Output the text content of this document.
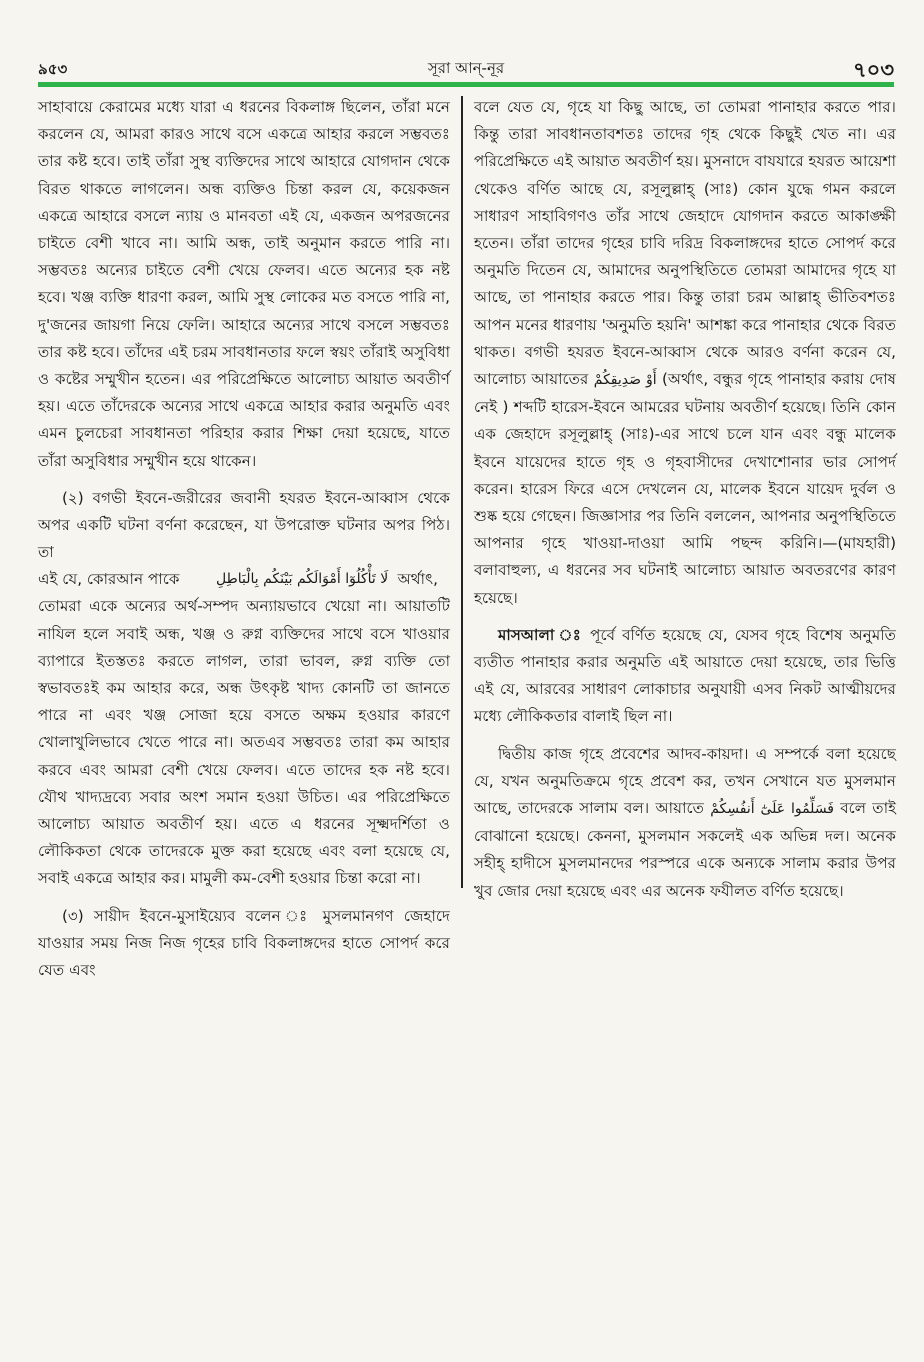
৯৫৩	সূরা আন্-নূর	৭০৩

সাহাবায়ে কেরামের মধ্যে যারা এ ধরনের বিকলাঙ্গ ছিলেন, তাঁরা মনে করলেন যে, আমরা কারও সাথে বসে একত্রে আহার করলে সম্ভবতঃ তার কষ্ট হবে। তাই তাঁরা সুস্থ ব্যক্তিদের সাথে আহারে যোগদান থেকে বিরত থাকতে লাগলেন। অন্ধ ব্যক্তিও চিন্তা করল যে, কয়েকজন একত্রে আহারে বসলে ন্যায় ও মানবতা এই যে, একজন অপরজনের চাইতে বেশী খাবে না। আমি অন্ধ, তাই অনুমান করতে পারি না। সম্ভবতঃ অন্যের চাইতে বেশী খেয়ে ফেলব। এতে অন্যের হক নষ্ট হবে। খঞ্জ ব্যক্তি ধারণা করল, আমি সুস্থ লোকের মত বসতে পারি না, দু'জনের জায়গা নিয়ে ফেলি। আহারে অন্যের সাথে বসলে সম্ভবতঃ তার কষ্ট হবে। তাঁদের এই চরম সাবধানতার ফলে স্বয়ং তাঁরাই অসুবিধা ও কষ্টের সম্মুখীন হতেন। এর পরিপ্রেক্ষিতে আলোচ্য আয়াত অবতীর্ণ হয়। এতে তাঁদেরকে অন্যের সাথে একত্রে আহার করার অনুমতি এবং এমন চুলচেরা সাবধানতা পরিহার করার শিক্ষা দেয়া হয়েছে, যাতে তাঁরা অসুবিধার সম্মুখীন হয়ে থাকেন।

(২) বগভী ইবনে-জরীরের জবানী হযরত ইবনে-আব্বাস থেকে অপর একটি ঘটনা বর্ণনা করেছেন, যা উপরোক্ত ঘটনার অপর পিঠ। তা

এই যে, কোরআন পাকে	لَا تَأْكُلُوٓا أَمْوَالَكُم بَيْنَكُم بِالْبَاطِلِ অর্থাৎ,

তোমরা একে অন্যের অর্থ-সম্পদ অন্যায়ভাবে খেয়ো না। আয়াতটি নাযিল হলে সবাই অন্ধ, খঞ্জ ও রুগ্ন ব্যক্তিদের সাথে বসে খাওয়ার ব্যাপারে ইতস্ততঃ করতে লাগল, তারা ভাবল, রুগ্ন ব্যক্তি তো স্বভাবতঃই কম আহার করে, অন্ধ উৎকৃষ্ট খাদ্য কোনটি তা জানতে পারে না এবং খঞ্জ সোজা হয়ে বসতে অক্ষম হওয়ার কারণে খোলাখুলিভাবে খেতে পারে না। অতএব সম্ভবতঃ তারা কম আহার করবে এবং আমরা বেশী খেয়ে ফেলব। এতে তাদের হক নষ্ট হবে। যৌথ খাদ্যদ্রব্যে সবার অংশ সমান হওয়া উচিত। এর পরিপ্রেক্ষিতে আলোচ্য আয়াত অবতীর্ণ হয়। এতে এ ধরনের সূক্ষ্মদর্শিতা ও লৌকিকতা থেকে তাদেরকে মুক্ত করা হয়েছে এবং বলা হয়েছে যে, সবাই একত্রে আহার কর। মামুলী কম-বেশী হওয়ার চিন্তা করো না।

(৩) সায়ীদ ইবনে-মুসাইয়্যেব বলেন ঃ মুসলমানগণ জেহাদে যাওয়ার সময় নিজ নিজ গৃহের চাবি বিকলাঙ্গদের হাতে সোপর্দ করে যেত এবং

বলে যেত যে, গৃহে যা কিছু আছে, তা তোমরা পানাহার করতে পার। কিন্তু তারা সাবধানতাবশতঃ তাদের গৃহ থেকে কিছুই খেত না। এর পরিপ্রেক্ষিতে এই আয়াত অবতীর্ণ হয়। মুসনাদে বাযযারে হযরত আয়েশা থেকেও বর্ণিত আছে যে, রসূলুল্লাহ্ (সাঃ) কোন যুদ্ধে গমন করলে সাধারণ সাহাবিগণও তাঁর সাথে জেহাদে যোগদান করতে আকাঙ্ক্ষী হতেন। তাঁরা তাদের গৃহের চাবি দরিদ্র বিকলাঙ্গদের হাতে সোপর্দ করে অনুমতি দিতেন যে, আমাদের অনুপস্থিতিতে তোমরা আমাদের গৃহে যা আছে, তা পানাহার করতে পার। কিন্তু তারা চরম আল্লাহ্ ভীতিবশতঃ আপন মনের ধারণায় 'অনুমতি হয়নি' আশঙ্কা করে পানাহার থেকে বিরত থাকত। বগভী হযরত ইবনে-আব্বাস থেকে আরও বর্ণনা করেন যে, আলোচ্য আয়াতের أَوْ صَدِيقِكُمْ (অর্থাৎ, বন্ধুর গৃহে পানাহার করায় দোষ নেই ) শব্দটি হারেস-ইবনে আমরের ঘটনায় অবতীর্ণ হয়েছে। তিনি কোন এক জেহাদে রসূলুল্লাহ্ (সাঃ)-এর সাথে চলে যান এবং বন্ধু মালেক ইবনে যায়েদের হাতে গৃহ ও গৃহবাসীদের দেখাশোনার ভার সোপর্দ করেন। হারেস ফিরে এসে দেখলেন যে, মালেক ইবনে যায়েদ দুর্বল ও শুষ্ক হয়ে গেছেন। জিজ্ঞাসার পর তিনি বললেন, আপনার অনুপস্থিতিতে আপনার গৃহে খাওয়া-দাওয়া আমি পছন্দ করিনি।—(মাযহারী) বলাবাহুল্য, এ ধরনের সব ঘটনাই আলোচ্য আয়াত অবতরণের কারণ হয়েছে।

মাসআলা ঃ পূর্বে বর্ণিত হয়েছে যে, যেসব গৃহে বিশেষ অনুমতি ব্যতীত পানাহার করার অনুমতি এই আয়াতে দেয়া হয়েছে, তার ভিত্তি এই যে, আরবের সাধারণ লোকাচার অনুযায়ী এসব নিকট আত্মীয়দের মধ্যে লৌকিকতার বালাই ছিল না।

দ্বিতীয় কাজ গৃহে প্রবেশের আদব-কায়দা। এ সম্পর্কে বলা হয়েছে যে, যখন অনুমতিক্রমে গৃহে প্রবেশ কর, তখন সেখানে যত মুসলমান আছে, তাদেরকে সালাম বল। আয়াতে فَسَلِّمُوا عَلَىٰٓ أَنفُسِكُمْ বলে তাই বোঝানো হয়েছে। কেননা, মুসলমান সকলেই এক অভিন্ন দল। অনেক সহীহ্ হাদীসে মুসলমানদের পরস্পরে একে অন্যকে সালাম করার উপর খুব জোর দেয়া হয়েছে এবং এর অনেক ফযীলত বর্ণিত হয়েছে।
